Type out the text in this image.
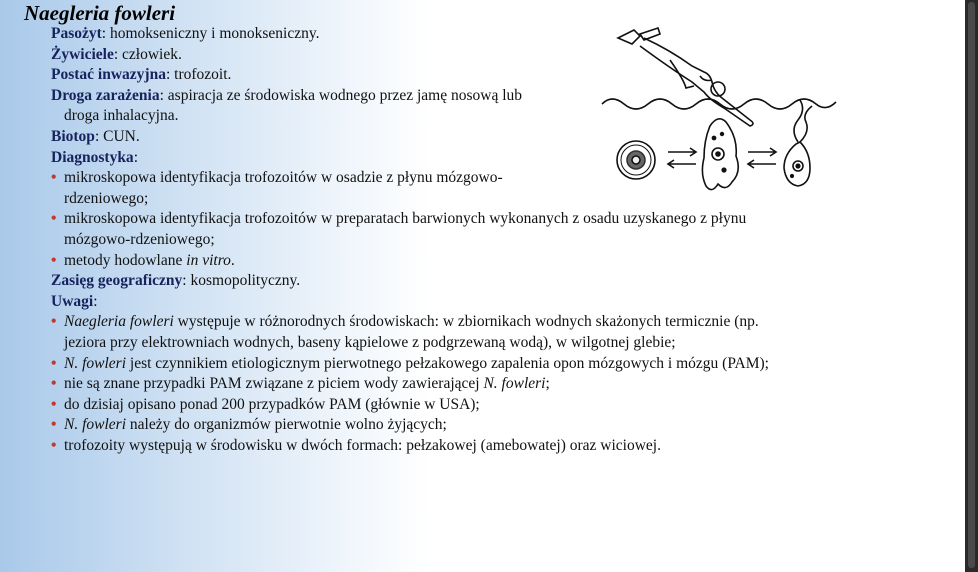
Naegleria fowleri
Pasożyt: homokseniczny i monokseniczny.
Żywiciele: człowiek.
Postać inwazyjna: trofozoit.
Droga zarażenia: aspiracja ze środowiska wodnego przez jamę nosową lub
droga inhalacyjna.
Biotop: CUN.
Diagnostyka:
• mikroskopowa identyfikacja trofozoitów w osadzie z płynu mózgowo-
rdzeniowego;
• mikroskopowa identyfikacja trofozoitów w preparatach barwionych wykonanych z osadu uzyskanego z płynu
mózgowo-rdzeniowego;
• metody hodowlane in vitro.
Zasięg geograficzny: kosmopolityczny.
Uwagi:
• Naegleria fowleri występuje w różnorodnych środowiskach: w zbiornikach wodnych skażonych termicznie (np.
jeziora przy elektrowniach wodnych, baseny kąpielowe z podgrzewaną wodą), w wilgotnej glebie;
• N. fowleri jest czynnikiem etiologicznym pierwotnego pełzakowego zapalenia opon mózgowych i mózgu (PAM);
• nie są znane przypadki PAM związane z piciem wody zawierającej N. fowleri;
• do dzisiaj opisano ponad 200 przypadków PAM (głównie w USA);
• N. fowleri należy do organizmów pierwotnie wolno żyjących;
• trofozoity występują w środowisku w dwóch formach: pełzakowej (amebowatej) oraz wiciowej.
